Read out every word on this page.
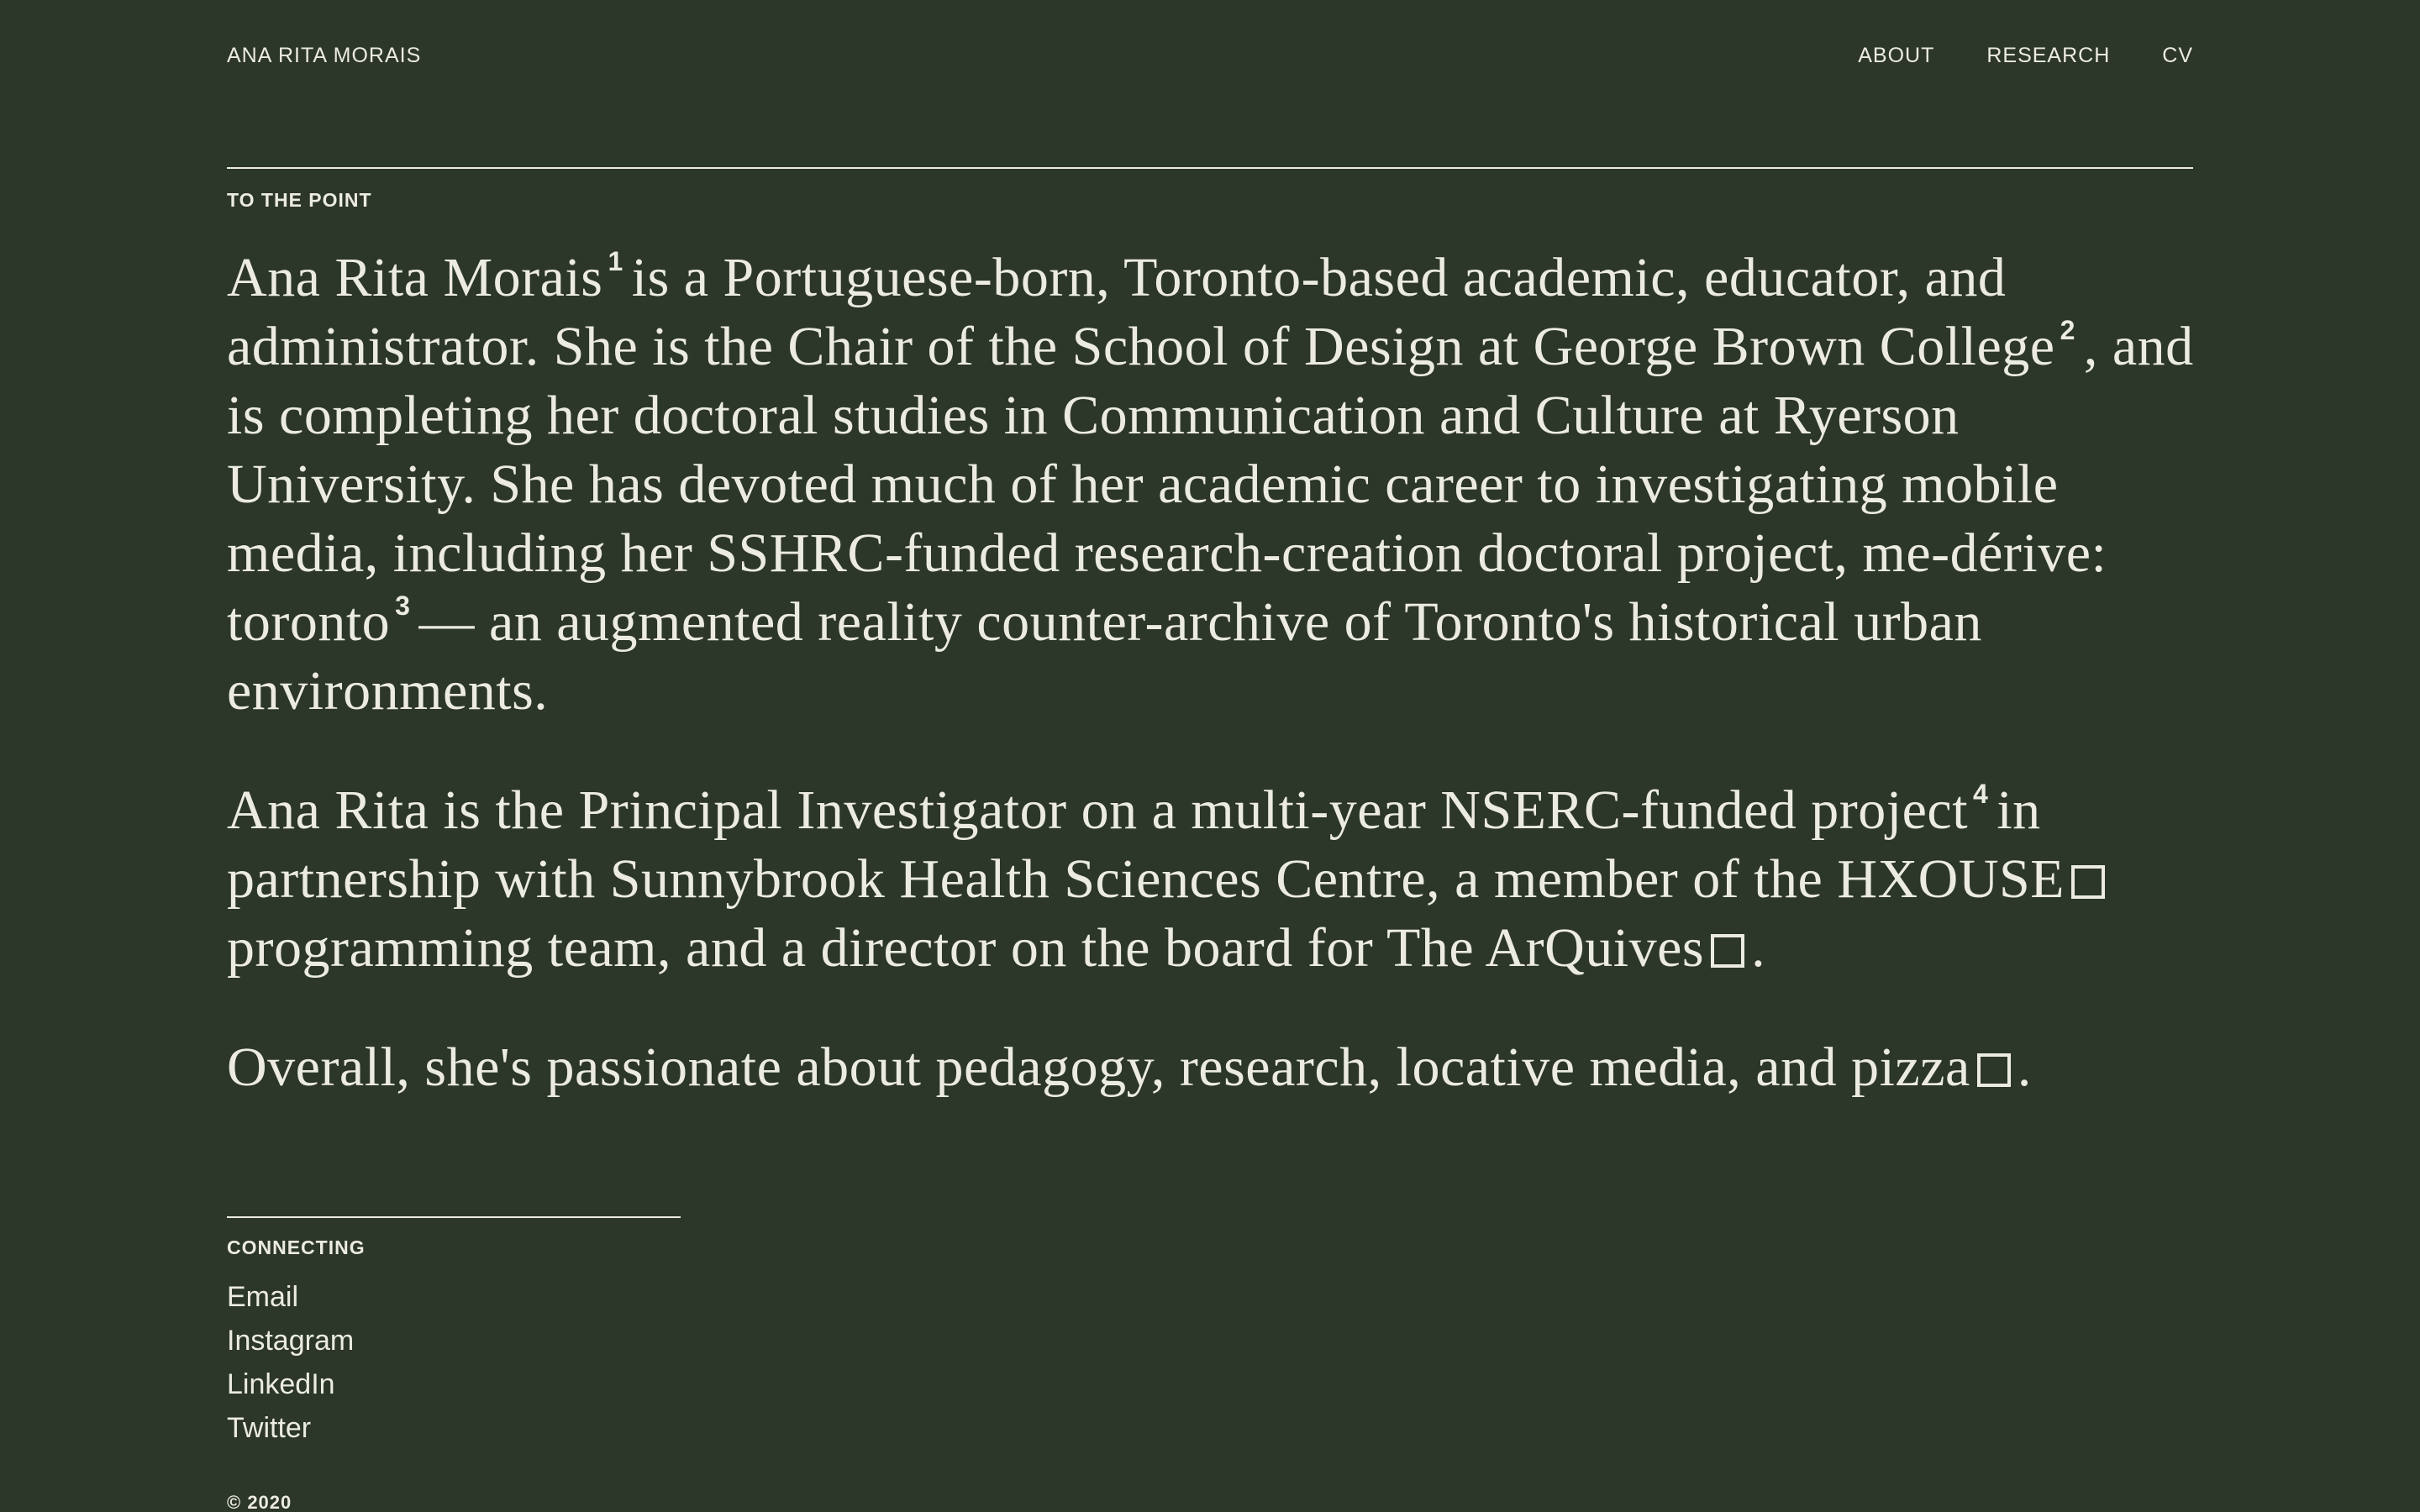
ANA RITA MORAIS	ABOUT RESEARCH CV
TO THE POINT

Ana Rita Morais $^1$ is a Portuguese-born, Toronto-based academic, educator, and administrator. She is the Chair of the School of Design at George Brown College $^2$ , and is completing her doctoral studies in Communication and Culture at Ryerson University. She has devoted much of her academic career to investigating mobile media, including her SSHRC-funded research-creation doctoral project, me-dérive: toronto $^3$ — an augmented reality counter-archive of Toronto's historical urban environments.

Ana Rita is the Principal Investigator on a multi-year NSERC-funded project $^4$ in partnership with Sunnybrook Health Sciences Centre, a member of the HXOUSE programming team, and a director on the board for The ArQuives .

Overall, she's passionate about pedagogy, research, locative media, and pizza .

CONNECTING
Email
Instagram
LinkedIn
Twitter
© 2020
